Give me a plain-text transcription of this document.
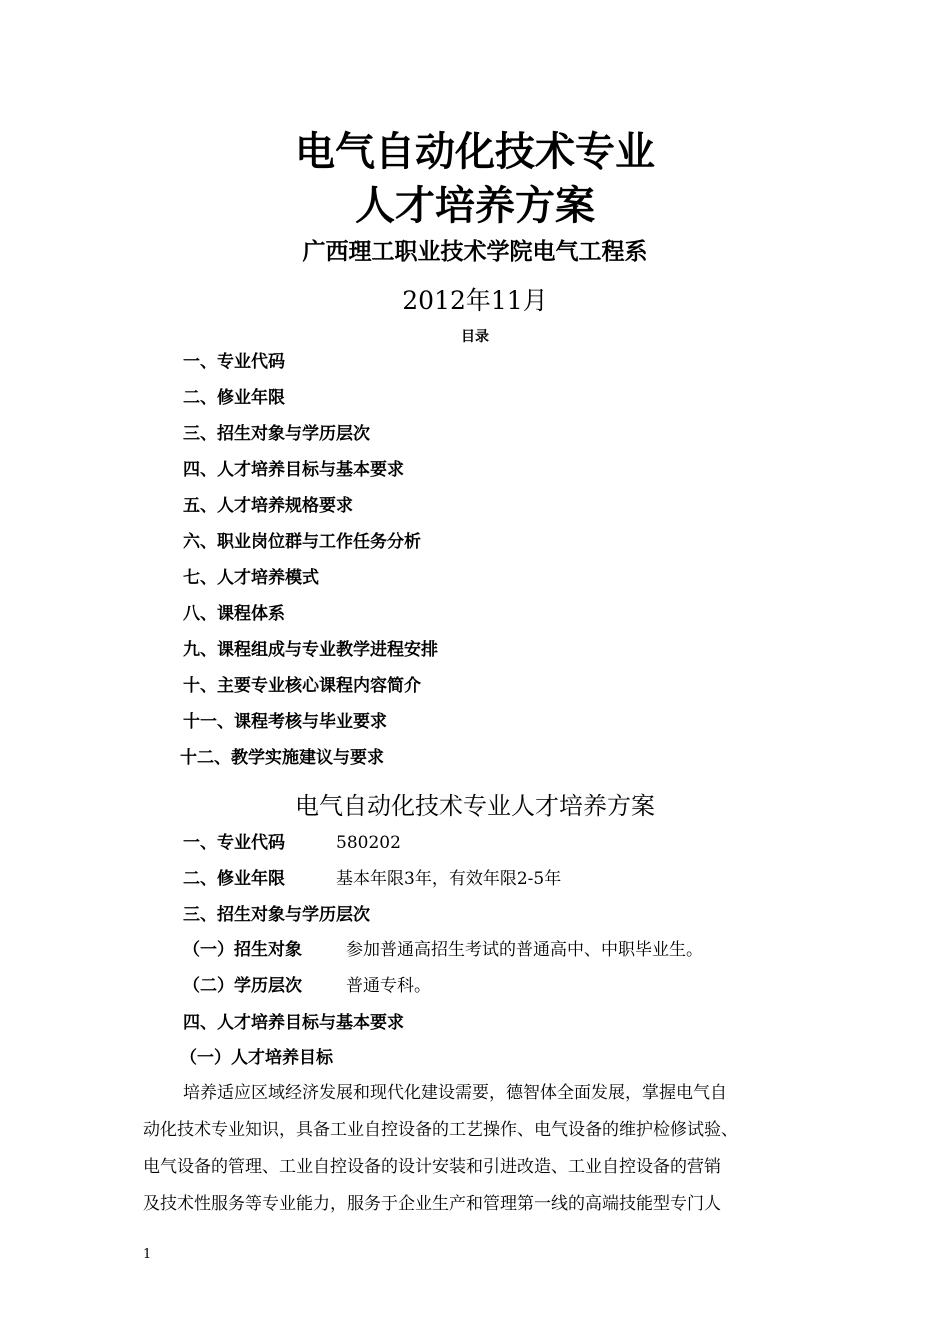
电气自动化技术专业
人才培养方案
广西理工职业技术学院电气工程系
2012年11月
目录
一、专业代码
二、修业年限
三、招生对象与学历层次
四、人才培养目标与基本要求
五、人才培养规格要求
六、职业岗位群与工作任务分析
七、人才培养模式
八、课程体系
九、课程组成与专业教学进程安排
十、主要专业核心课程内容简介
十一、课程考核与毕业要求
十二、教学实施建议与要求
电气自动化技术专业人才培养方案
一、专业代码	580202
二、修业年限	基本年限3年，有效年限2-5年
三、招生对象与学历层次
（一）招生对象	参加普通高招生考试的普通高中、中职毕业生。
（二）学历层次	普通专科。
四、人才培养目标与基本要求
（一）人才培养目标
培养适应区域经济发展和现代化建设需要，德智体全面发展，掌握电气自
动化技术专业知识，具备工业自控设备的工艺操作、电气设备的维护检修试验、
电气设备的管理、工业自控设备的设计安装和引进改造、工业自控设备的营销
及技术性服务等专业能力，服务于企业生产和管理第一线的高端技能型专门人
1
